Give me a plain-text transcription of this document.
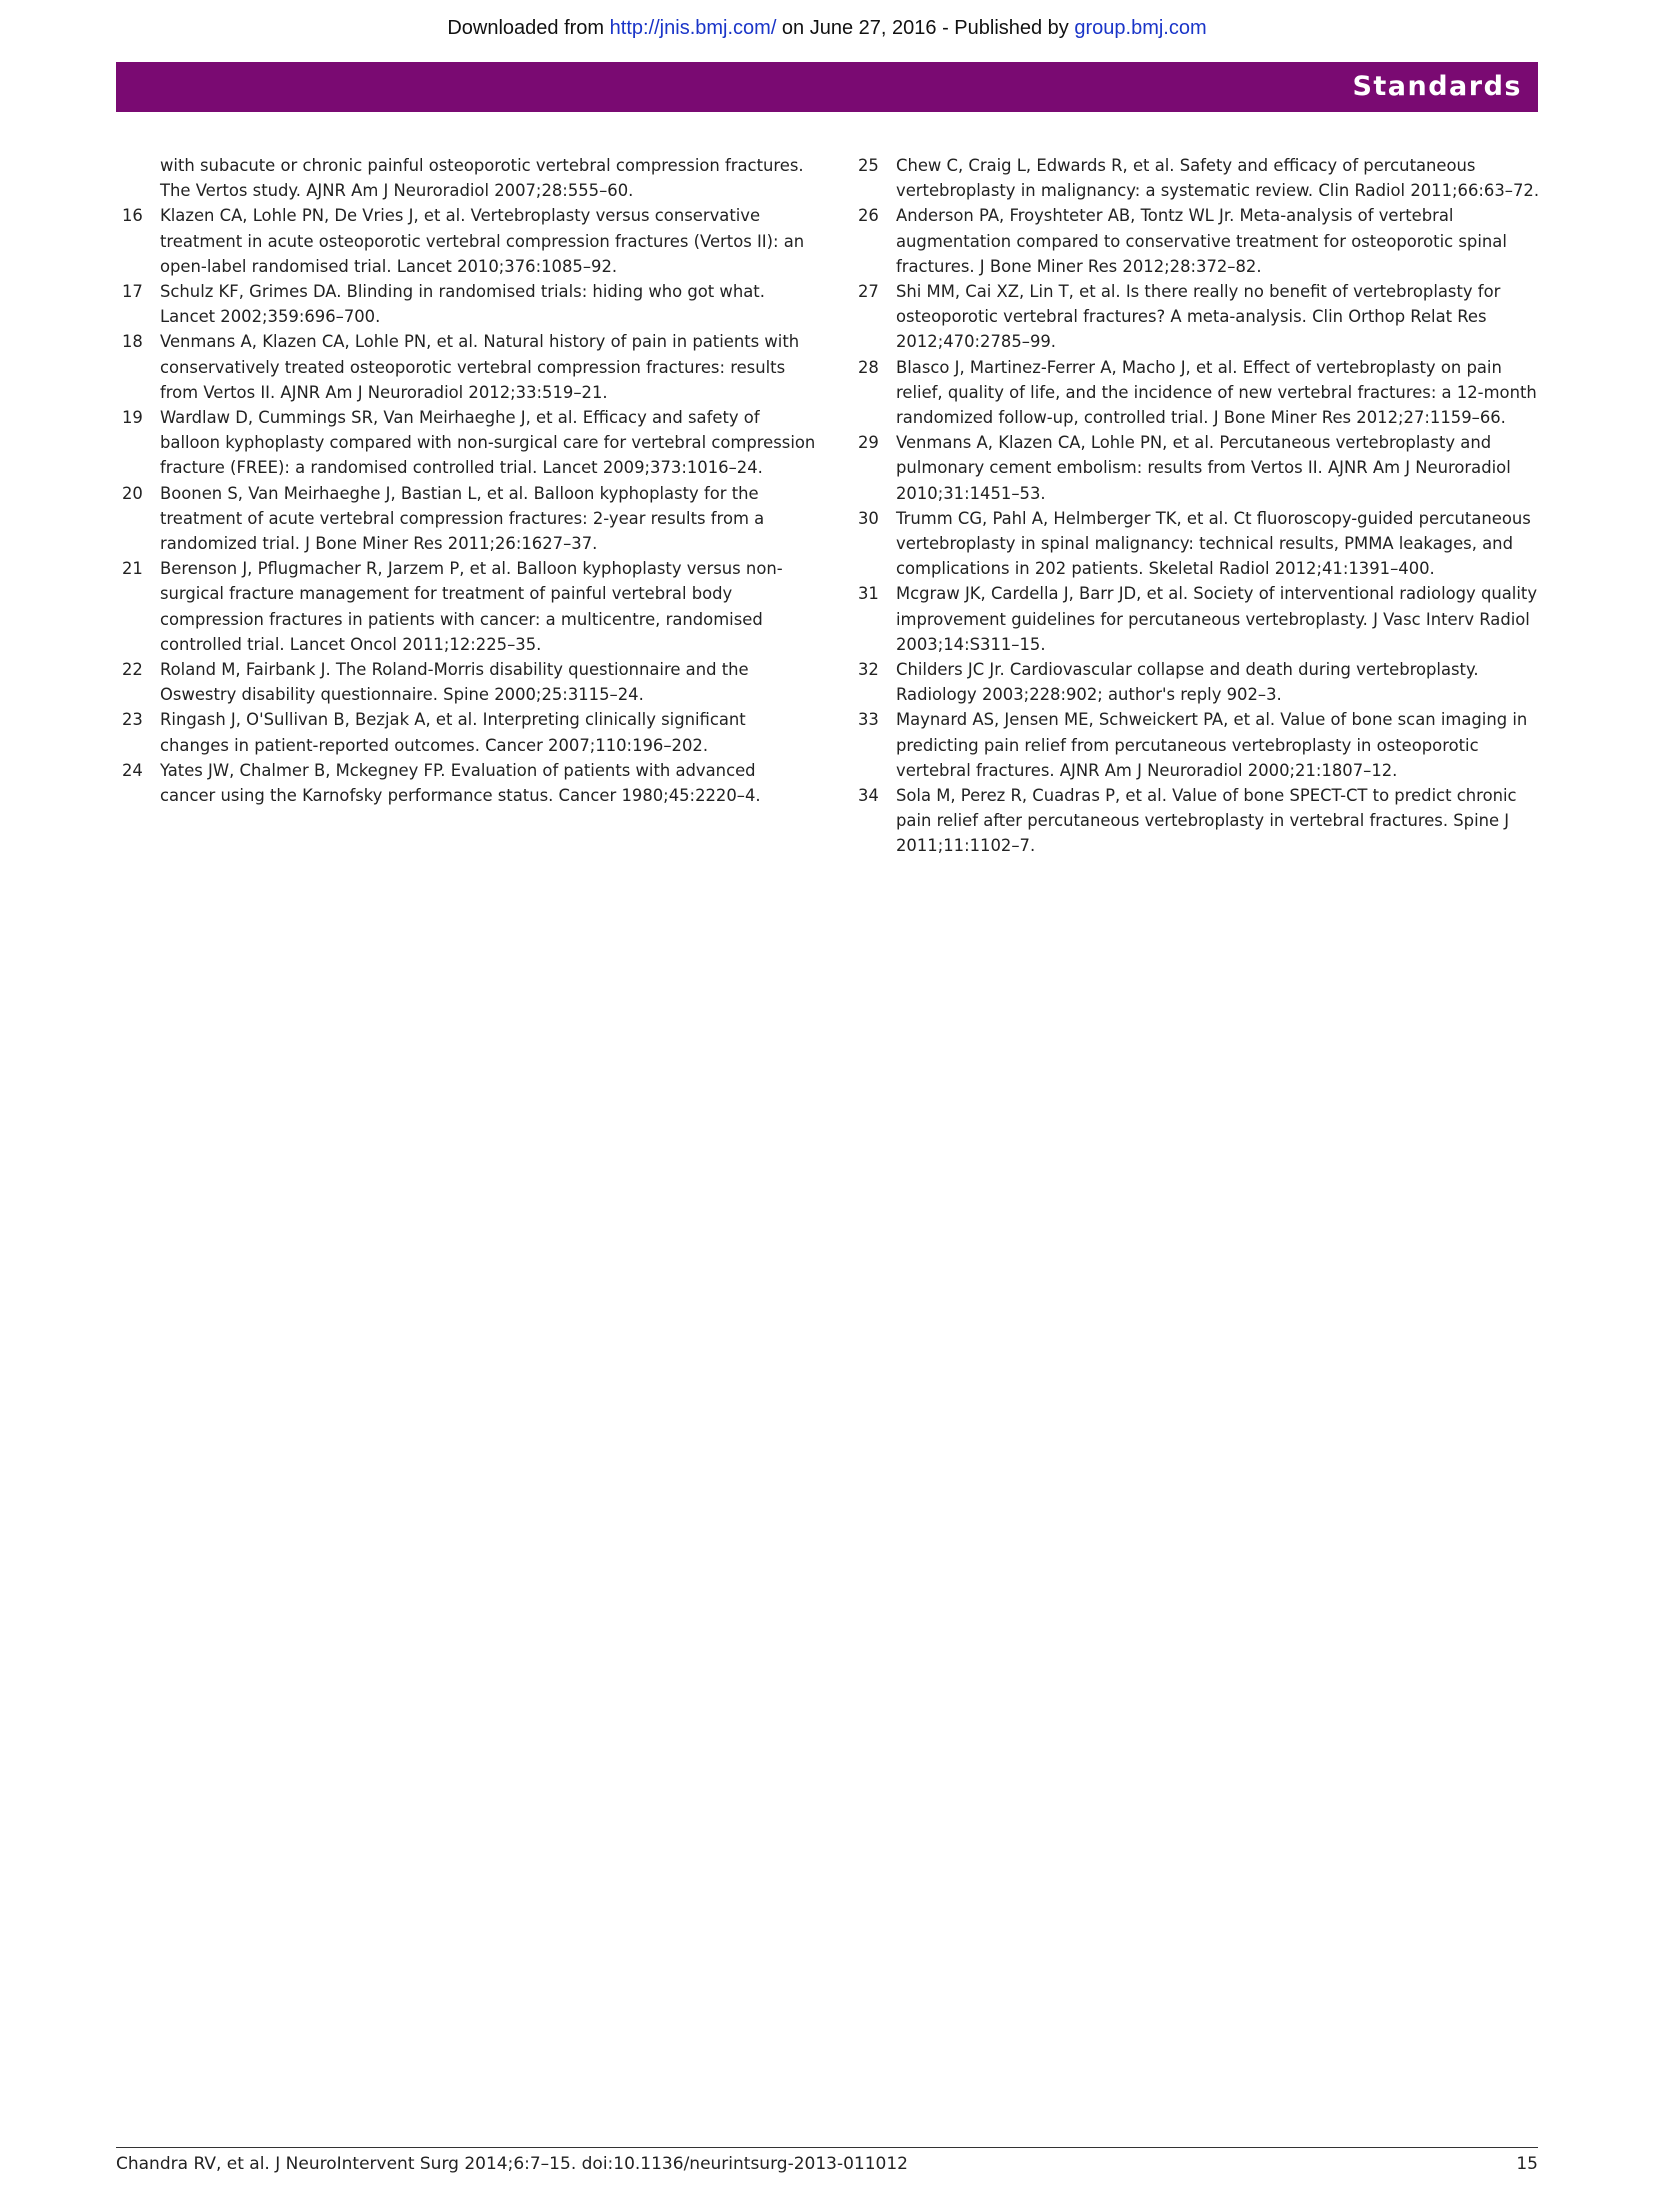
Downloaded from http://jnis.bmj.com/ on June 27, 2016 - Published by group.bmj.com
Standards
with subacute or chronic painful osteoporotic vertebral compression fractures. The Vertos study. AJNR Am J Neuroradiol 2007;28:555–60.
16 Klazen CA, Lohle PN, De Vries J, et al. Vertebroplasty versus conservative treatment in acute osteoporotic vertebral compression fractures (Vertos II): an open-label randomised trial. Lancet 2010;376:1085–92.
17 Schulz KF, Grimes DA. Blinding in randomised trials: hiding who got what. Lancet 2002;359:696–700.
18 Venmans A, Klazen CA, Lohle PN, et al. Natural history of pain in patients with conservatively treated osteoporotic vertebral compression fractures: results from Vertos II. AJNR Am J Neuroradiol 2012;33:519–21.
19 Wardlaw D, Cummings SR, Van Meirhaeghe J, et al. Efficacy and safety of balloon kyphoplasty compared with non-surgical care for vertebral compression fracture (FREE): a randomised controlled trial. Lancet 2009;373:1016–24.
20 Boonen S, Van Meirhaeghe J, Bastian L, et al. Balloon kyphoplasty for the treatment of acute vertebral compression fractures: 2-year results from a randomized trial. J Bone Miner Res 2011;26:1627–37.
21 Berenson J, Pflugmacher R, Jarzem P, et al. Balloon kyphoplasty versus non-surgical fracture management for treatment of painful vertebral body compression fractures in patients with cancer: a multicentre, randomised controlled trial. Lancet Oncol 2011;12:225–35.
22 Roland M, Fairbank J. The Roland-Morris disability questionnaire and the Oswestry disability questionnaire. Spine 2000;25:3115–24.
23 Ringash J, O'Sullivan B, Bezjak A, et al. Interpreting clinically significant changes in patient-reported outcomes. Cancer 2007;110:196–202.
24 Yates JW, Chalmer B, Mckegney FP. Evaluation of patients with advanced cancer using the Karnofsky performance status. Cancer 1980;45:2220–4.
25 Chew C, Craig L, Edwards R, et al. Safety and efficacy of percutaneous vertebroplasty in malignancy: a systematic review. Clin Radiol 2011;66:63–72.
26 Anderson PA, Froyshteter AB, Tontz WL Jr. Meta-analysis of vertebral augmentation compared to conservative treatment for osteoporotic spinal fractures. J Bone Miner Res 2012;28:372–82.
27 Shi MM, Cai XZ, Lin T, et al. Is there really no benefit of vertebroplasty for osteoporotic vertebral fractures? A meta-analysis. Clin Orthop Relat Res 2012;470:2785–99.
28 Blasco J, Martinez-Ferrer A, Macho J, et al. Effect of vertebroplasty on pain relief, quality of life, and the incidence of new vertebral fractures: a 12-month randomized follow-up, controlled trial. J Bone Miner Res 2012;27:1159–66.
29 Venmans A, Klazen CA, Lohle PN, et al. Percutaneous vertebroplasty and pulmonary cement embolism: results from Vertos II. AJNR Am J Neuroradiol 2010;31:1451–53.
30 Trumm CG, Pahl A, Helmberger TK, et al. Ct fluoroscopy-guided percutaneous vertebroplasty in spinal malignancy: technical results, PMMA leakages, and complications in 202 patients. Skeletal Radiol 2012;41:1391–400.
31 Mcgraw JK, Cardella J, Barr JD, et al. Society of interventional radiology quality improvement guidelines for percutaneous vertebroplasty. J Vasc Interv Radiol 2003;14:S311–15.
32 Childers JC Jr. Cardiovascular collapse and death during vertebroplasty. Radiology 2003;228:902; author's reply 902–3.
33 Maynard AS, Jensen ME, Schweickert PA, et al. Value of bone scan imaging in predicting pain relief from percutaneous vertebroplasty in osteoporotic vertebral fractures. AJNR Am J Neuroradiol 2000;21:1807–12.
34 Sola M, Perez R, Cuadras P, et al. Value of bone SPECT-CT to predict chronic pain relief after percutaneous vertebroplasty in vertebral fractures. Spine J 2011;11:1102–7.
Chandra RV, et al. J NeuroIntervent Surg 2014;6:7–15. doi:10.1136/neurintsurg-2013-011012	15
